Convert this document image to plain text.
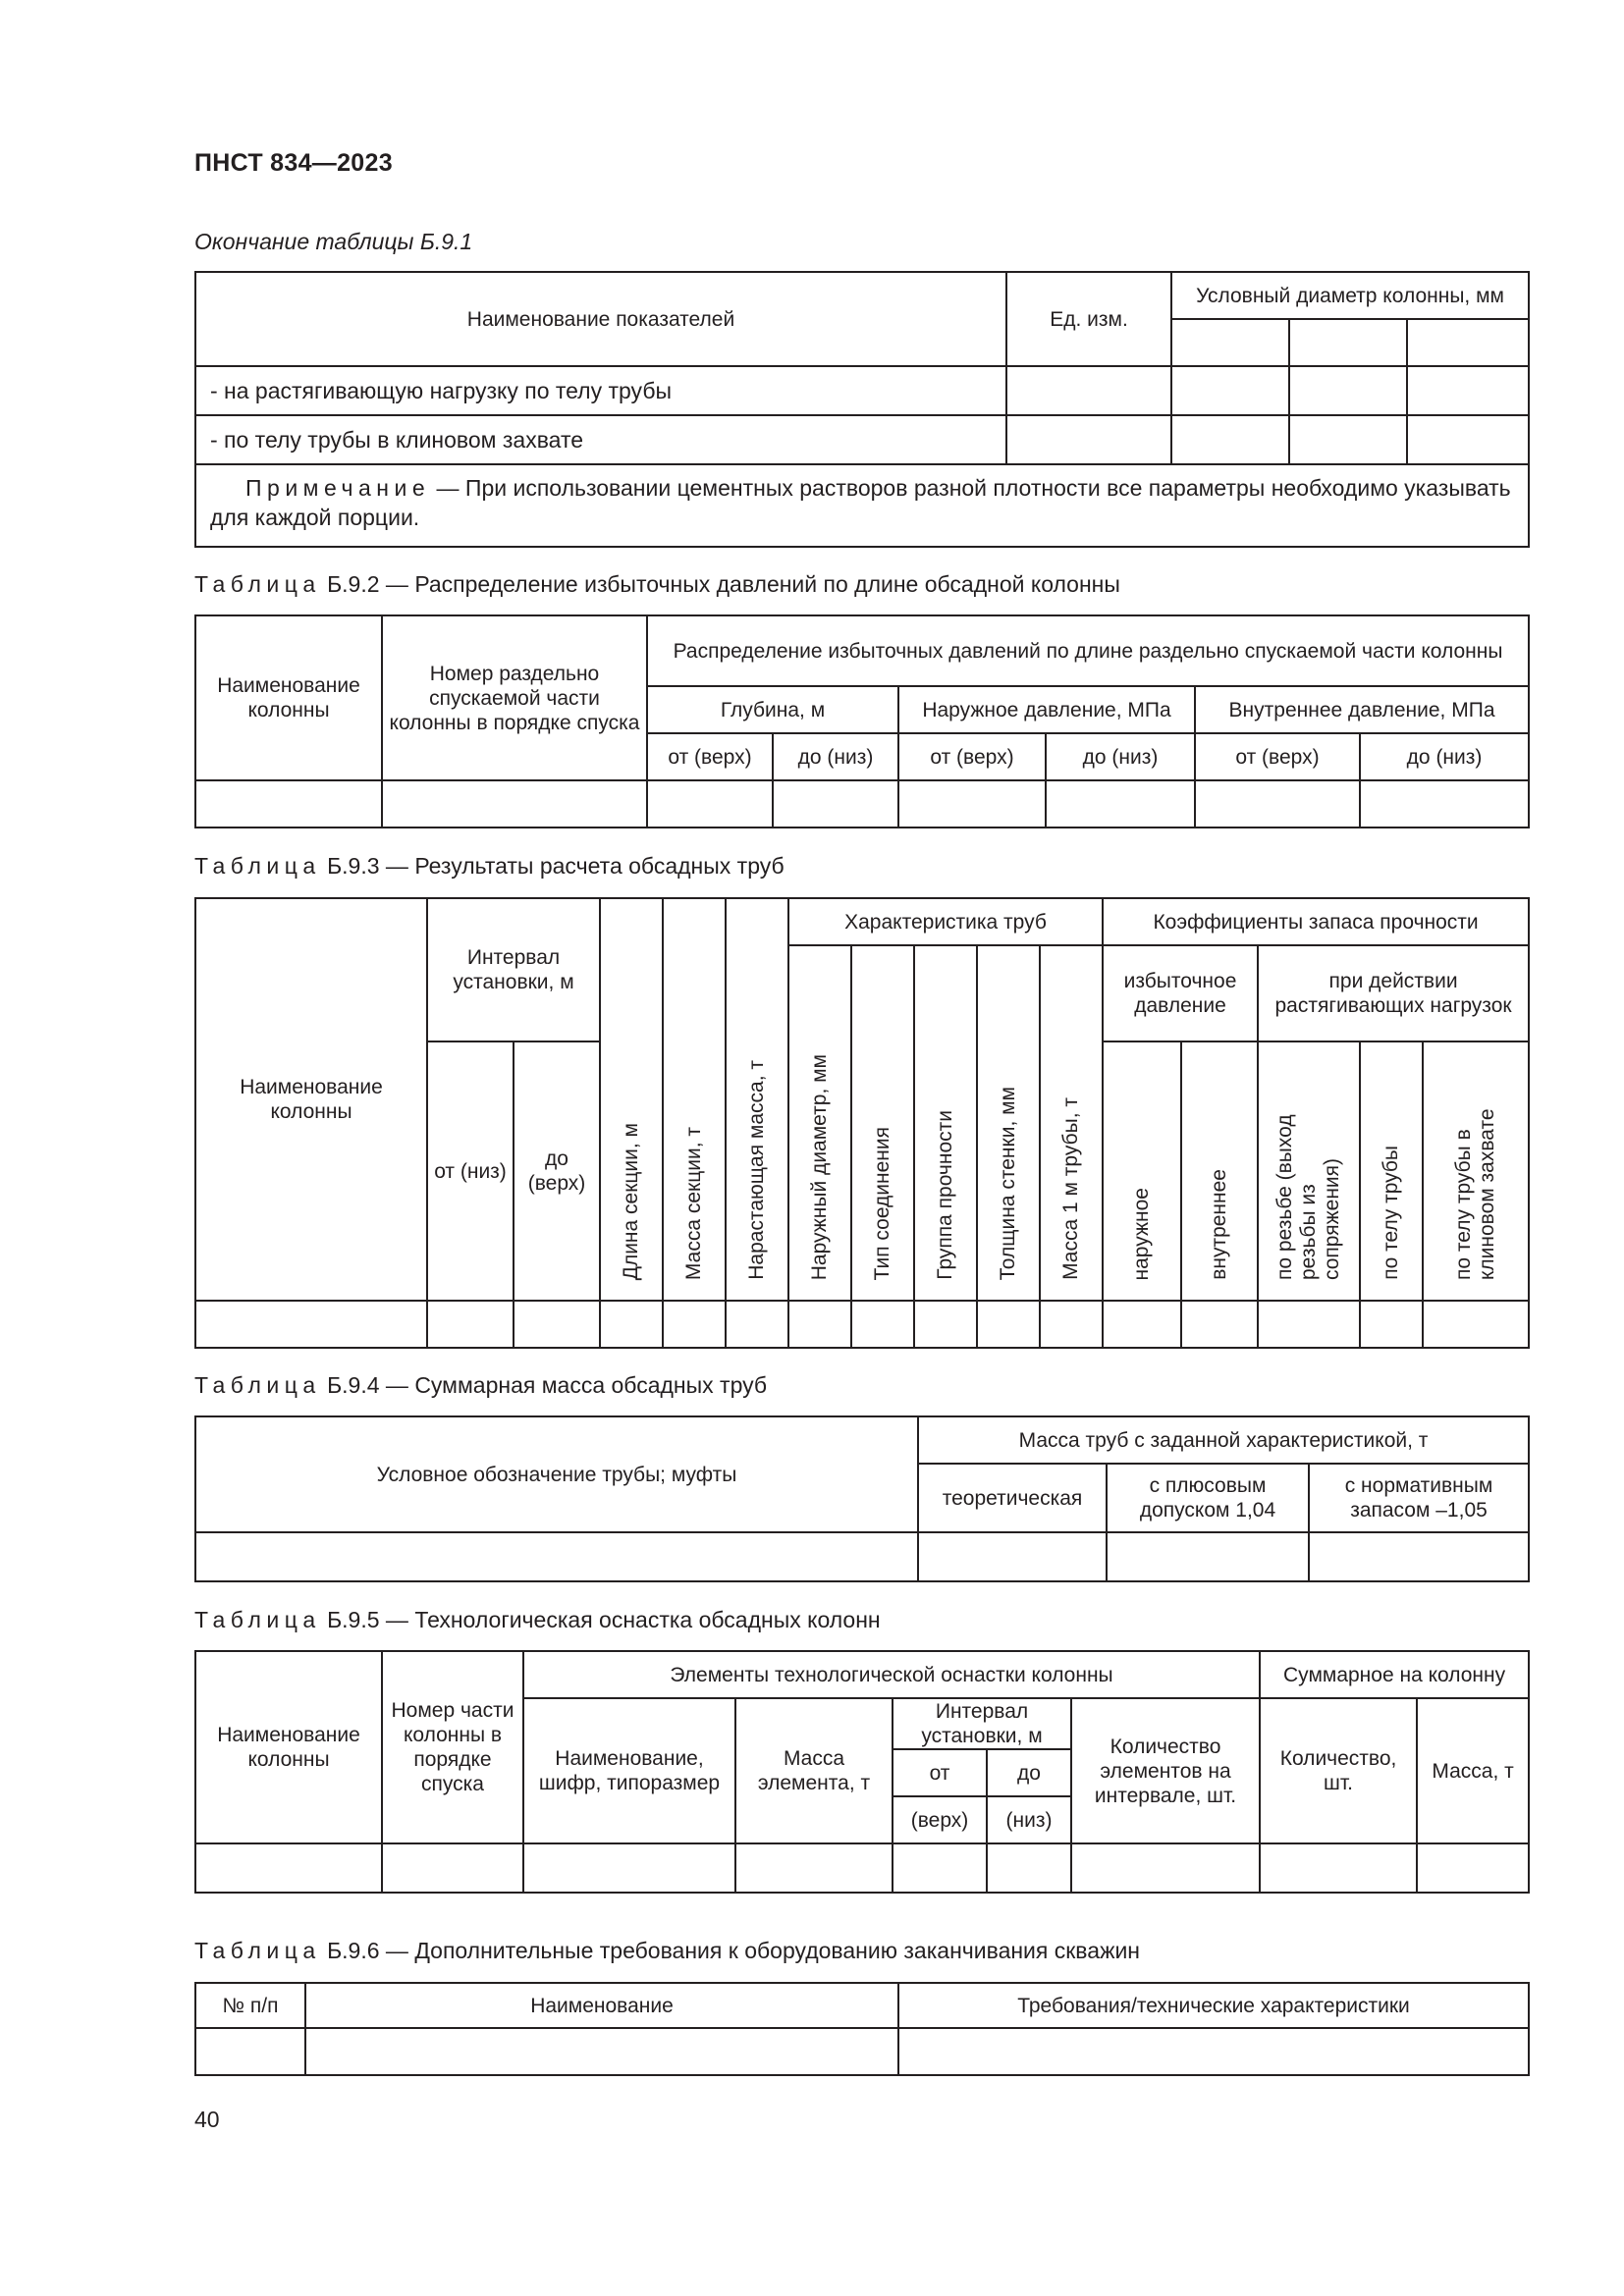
ПНСТ 834—2023
Окончание таблицы Б.9.1
Наименование показателей	Ед. изм.	Условный диаметр колонны, мм		

- на растягивающую нагрузку по телу трубы				
- по телу трубы в клиновом захвате				
Примечание — При использовании цементных растворов разной плотности все параметры необходимо указывать для каждой порции.				
Таблица Б.9.2 — Распределение избыточных давлений по длине обсадной колонны
Наименование колонны	Номер раздельно спускаемой части колонны в порядке спуска	Распределение избыточных давлений по длине раздельно спускаемой части колонны					
		Глубина, м		Наружное давление, МПа		Внутреннее давление, МПа	
		от (верх)	до (низ)	от (верх)	до (низ)	от (верх)	до (низ)

Таблица Б.9.3 — Результаты расчета обсадных труб
Наименование колонны	Интервал установки, м		Длина секции, м	Масса секции, т	Нарастающая масса, т	Характеристика труб					Коэффициенты запаса прочности				
						Наружный диаметр, мм	Тип соединения	Группа прочности	Толщина стенки, мм	Масса 1 м трубы, т	избыточное давление		при действии растягивающих нагрузок		
	от (низ)	до (верх)									наружное	внутреннее	по резьбе (выход резьбы из сопряжения)	по телу трубы	по телу трубы в клиновом захвате

Таблица Б.9.4 — Суммарная масса обсадных труб
Условное обозначение трубы; муфты	Масса труб с заданной характеристикой, т		
	теоретическая	с плюсовым допуском 1,04	с нормативным запасом –1,05

Таблица Б.9.5 — Технологическая оснастка обсадных колонн
Наименование колонны	Номер части колонны в порядке спуска	Элементы технологической оснастки колонны					Суммарное на колонну	
		Наименование, шифр, типоразмер	Масса элемента, т	Интервал установки, м		Количество элементов на интервале, шт.	Количество, шт.	Масса, т
				от	до			
				(верх)	(низ)			

Таблица Б.9.6 — Дополнительные требования к оборудованию заканчивания скважин
№ п/п	Наименование	Требования/технические характеристики

40
